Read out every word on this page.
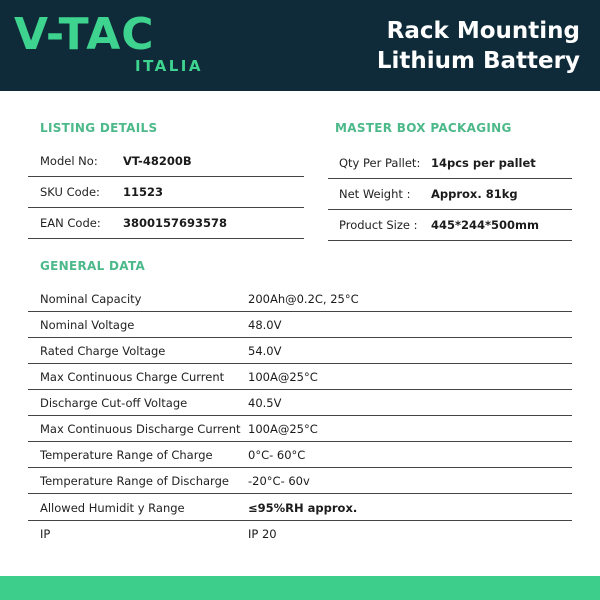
V-TAC
ITALIA
Rack Mounting
Lithium Battery
LISTING DETAILS
Model No: VT-48200B
SKU Code: 11523
EAN Code: 3800157693578
MASTER BOX PACKAGING
Qty Per Pallet: 14pcs per pallet
Net Weight : Approx. 81kg
Product Size : 445*244*500mm
GENERAL DATA
Nominal Capacity	200Ah@0.2C, 25°C
Nominal Voltage	48.0V
Rated Charge Voltage	54.0V
Max Continuous Charge Current 100A@25°C
Discharge Cut-off Voltage	40.5V
Max Continuous Discharge Current 100A@25°C
Temperature Range of Charge	0°C- 60°C
Temperature Range of Discharge -20°C- 60v
Allowed Humidit y Range	≤95%RH approx.
IP	IP 20
